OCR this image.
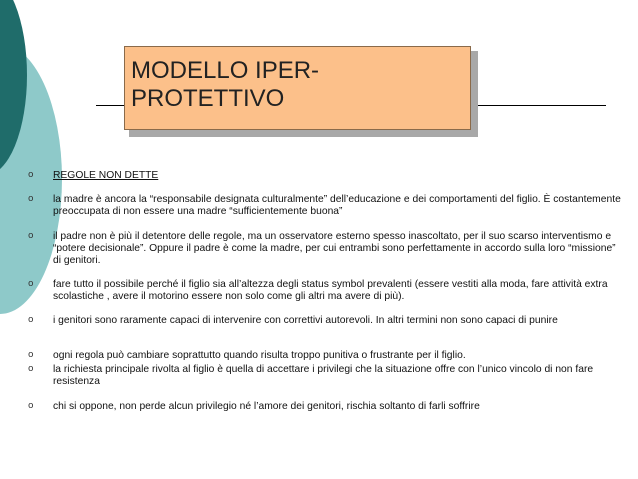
MODELLO IPER-
PROTETTIVO
o REGOLE NON DETTE
o la madre è ancora la “responsabile designata culturalmente” dell’educazione e dei comportamenti del figlio. È costantemente preoccupata di non essere una madre “sufficientemente buona”
o il padre non è più il detentore delle regole, ma un osservatore esterno spesso inascoltato, per il suo scarso interventismo e “potere decisionale”. Oppure il padre è come la madre, per cui entrambi sono perfettamente in accordo sulla loro “missione” di genitori.
o fare tutto il possibile perché il figlio sia all’altezza degli status symbol prevalenti (essere vestiti alla moda, fare attività extra scolastiche , avere il motorino essere non solo come gli altri ma avere di più).
o i genitori sono raramente capaci di intervenire con correttivi autorevoli. In altri termini non sono capaci di punire
o ogni regola può cambiare soprattutto quando risulta troppo punitiva o frustrante per il figlio.
o la richiesta principale rivolta al figlio è quella di accettare i privilegi che la situazione offre con l’unico vincolo di non fare resistenza
o chi si oppone, non perde alcun privilegio né l’amore dei genitori, rischia soltanto di farli soffrire
